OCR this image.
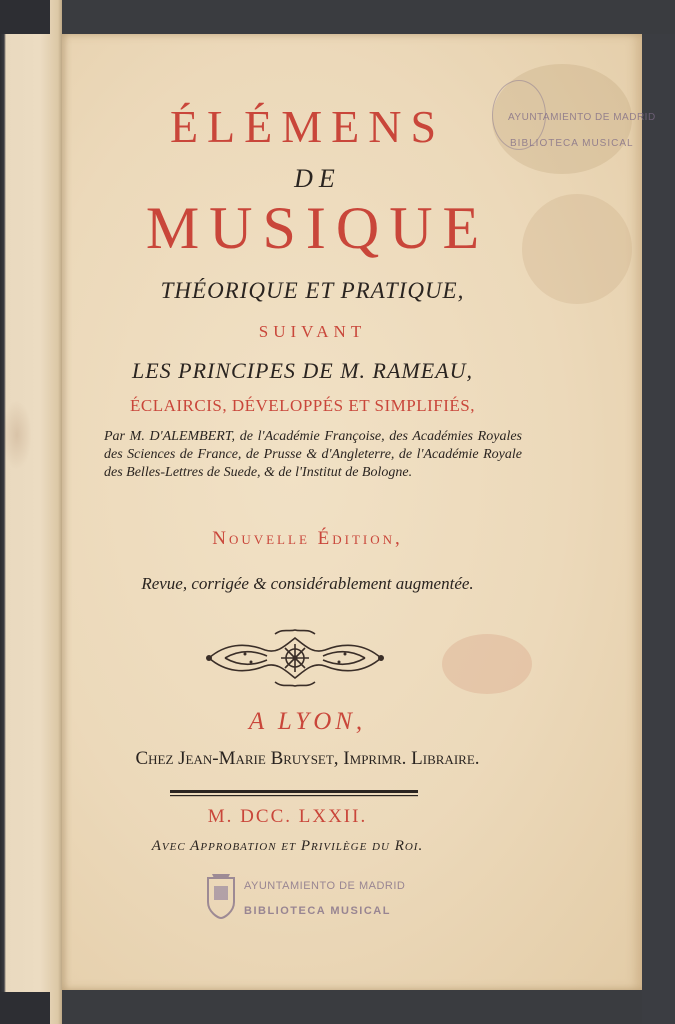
AYUNTAMIENTO DE MADRID
BIBLIOTECA MUSICAL
ÉLÉMENS
DE
MUSIQUE
THÉORIQUE ET PRATIQUE,
SUIVANT
LES PRINCIPES DE M. RAMEAU,
ÉCLAIRCIS, DÉVELOPPÉS ET SIMPLIFIÉS,
Par M. D'ALEMBERT, de l'Académie Françoise, des Académies Royales des Sciences de France, de Prusse & d'Angleterre, de l'Académie Royale des Belles-Lettres de Suede, & de l'Institut de Bologne.
Nouvelle Édition,
Revue, corrigée & considérablement augmentée.
A LYON,
Chez Jean-Marie Bruyset, Imprimr. Libraire.
M. DCC. LXXII.
Avec Approbation et Privilège du Roi.
AYUNTAMIENTO DE MADRID
BIBLIOTECA MUSICAL
